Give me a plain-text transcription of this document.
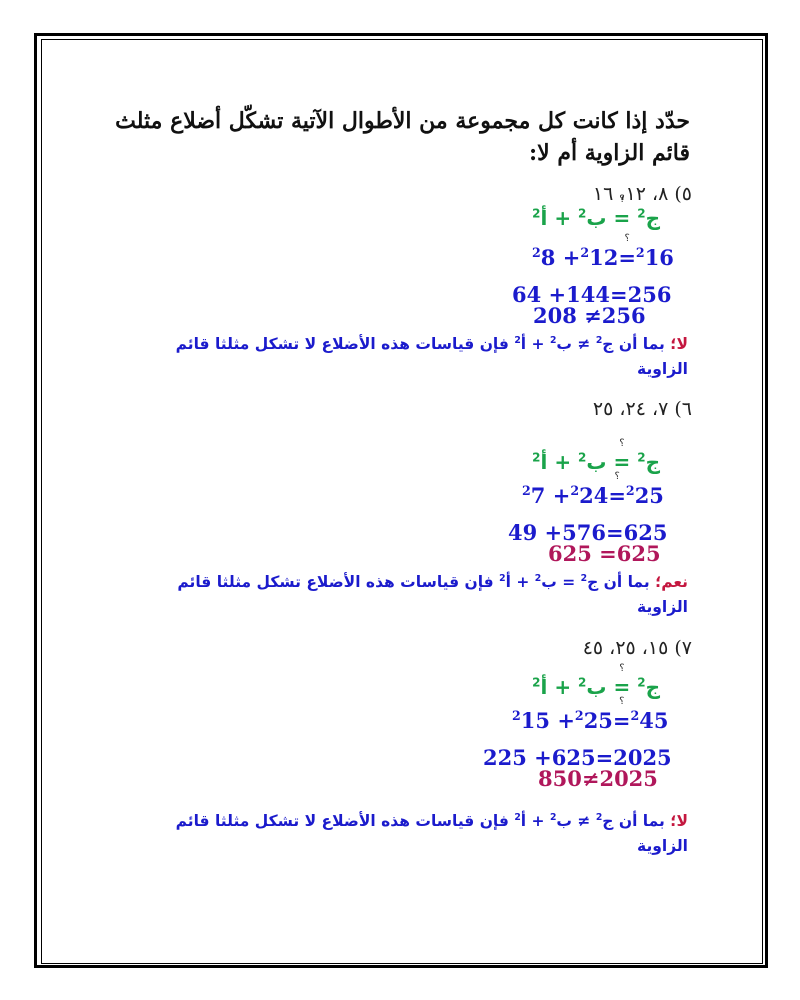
حدّد إذا كانت كل مجموعة من الأطوال الآتية تشكّل أضلاع مثلث
قائم الزاوية أم لا:
٥) ٨، ١٢، ١٦
ج$^2$ = ؟ ب$^2$ + أ$^2$
$^2$8 +$^2$12= ؟$^2$16
64 +144=256
208 ≠256
لا؛ بما أن ج$^2$ ≠ ب$^2$ + أ$^2$ فإن قياسات هذه الأضلاع لا تشكل مثلثا قائم
الزاوية
٦) ٧، ٢٤، ٢٥
ج$^2$ = ؟ ب$^2$ + أ$^2$
$^2$7 +$^2$24= ؟$^2$25
49 +576=625
625 =625
نعم؛ بما أن ج$^2$ = ب$^2$ + أ$^2$ فإن قياسات هذه الأضلاع تشكل مثلثا قائم
الزاوية
٧) ١٥، ٢٥، ٤٥
ج$^2$ = ؟ ب$^2$ + أ$^2$
$^2$15 +$^2$25= ؟$^2$45
225 +625=2025
850≠2025
لا؛ بما أن ج$^2$ ≠ ب$^2$ + أ$^2$ فإن قياسات هذه الأضلاع لا تشكل مثلثا قائم
الزاوية
